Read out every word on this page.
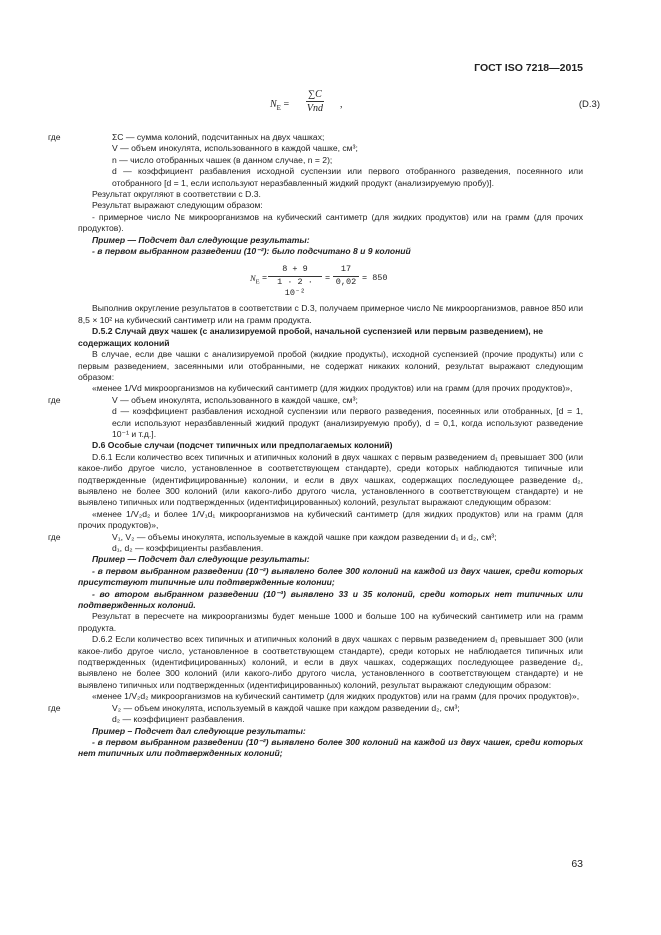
ГОСТ ISO 7218—2015
$N_E$ =
∑C
Vnd ,	(D.3)

где	ΣC — сумма колоний, подсчитанных на двух чашках;

V — объем инокулята, использованного в каждой чашке, см³;

n — число отобранных чашек (в данном случае, n = 2);

d — коэффициент разбавления исходной суспензии или первого отобранного разведения, посеянного или отобранного [d = 1, если используют неразбавленный жидкий продукт (анализируемую пробу)].

Результат округляют в соответствии с D.3.

Результат выражают следующим образом:

- примерное число Nᴇ микроорганизмов на кубический сантиметр (для жидких продуктов) или на грамм (для прочих продуктов).

Пример — Подсчет дал следующие результаты:

- в первом выбранном разведении (10⁻²): было подсчитано 8 и 9 колоний

$N_E$ =
8 + 9
1 · 2 · 10⁻²
=
17
0,02 = 850

Выполнив округление результатов в соответствии с D.3, получаем примерное число Nᴇ микроорганизмов, равное 850 или 8,5 × 10² на кубический сантиметр или на грамм продукта.

D.5.2 Случай двух чашек (с анализируемой пробой, начальной суспензией или первым разведением), не содержащих колоний

В случае, если две чашки с анализируемой пробой (жидкие продукты), исходной суспензией (прочие продукты) или с первым разведением, засеянными или отобранными, не содержат никаких колоний, результат выражают следующим образом:

«менее 1/Vd микроорганизмов на кубический сантиметр (для жидких продуктов) или на грамм (для прочих продуктов)»,

где	V — объем инокулята, использованного в каждой чашке, см³;

d — коэффициент разбавления исходной суспензии или первого разведения, посеянных или отобранных, [d = 1, если используют неразбавленный жидкий продукт (анализируемую пробу), d = 0,1, когда используют разведение 10⁻¹ и т.д.].

D.6 Особые случаи (подсчет типичных или предполагаемых колоний)

D.6.1 Если количество всех типичных и атипичных колоний в двух чашках с первым разведением d₁ превышает 300 (или какое-либо другое число, установленное в соответствующем стандарте), среди которых наблюдаются типичные или подтвержденные (идентифицированные) колонии, и если в двух чашках, содержащих последующее разведение d₂, выявлено не более 300 колоний (или какого-либо другого числа, установленного в соответствующем стандарте) и не выявлено типичных или подтвержденных (идентифицированных) колоний, результат выражают следующим образом:

«менее 1/V₂d₂ и более 1/V₁d₁ микроорганизмов на кубический сантиметр (для жидких продуктов) или на грамм (для прочих продуктов)»,

где	V₁, V₂ — объемы инокулята, используемые в каждой чашке при каждом разведении d₁ и d₂, см³;

d₁, d₂ — коэффициенты разбавления.

Пример — Подсчет дал следующие результаты:

- в первом выбранном разведении (10⁻²) выявлено более 300 колоний на каждой из двух чашек, среди которых присутствуют типичные или подтвержденные колонии;

- во втором выбранном разведении (10⁻³) выявлено 33 и 35 колоний, среди которых нет типичных или подтвержденных колоний.

Результат в пересчете на микроорганизмы будет меньше 1000 и больше 100 на кубический сантиметр или на грамм продукта.

D.6.2 Если количество всех типичных и атипичных колоний в двух чашках с первым разведением d₁ превышает 300 (или какое-либо другое число, установленное в соответствующем стандарте), среди которых не наблюдается типичных или подтвержденных (идентифицированных) колоний, и если в двух чашках, содержащих последующее разведение d₂, выявлено не более 300 колоний (или какого-либо другого числа, установленного в соответствующем стандарте) и не выявлено типичных или подтвержденных (идентифицированных) колоний, результат выражают следующим образом:

«менее 1/V₂d₂ микроорганизмов на кубический сантиметр (для жидких продуктов) или на грамм (для прочих продуктов)»,

где	V₂ — объем инокулята, используемый в каждой чашке при каждом разведении d₂, см³;

d₂ — коэффициент разбавления.

Пример – Подсчет дал следующие результаты:

- в первом выбранном разведении (10⁻²) выявлено более 300 колоний на каждой из двух чашек, среди которых нет типичных или подтвержденных колоний;

63
